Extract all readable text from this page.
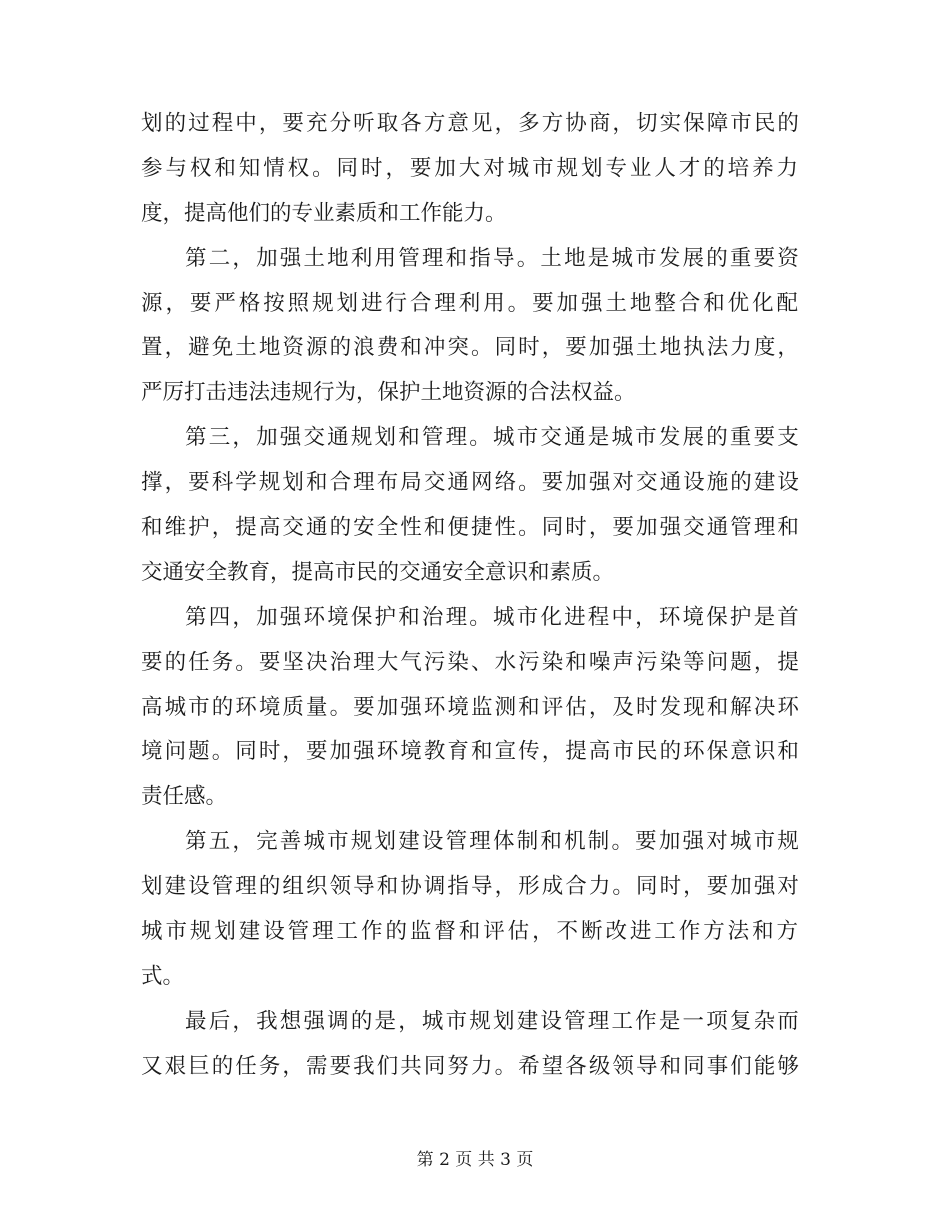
划的过程中，要充分听取各方意见，多方协商，切实保障市民的
参与权和知情权。同时，要加大对城市规划专业人才的培养力
度，提高他们的专业素质和工作能力。
第二，加强土地利用管理和指导。土地是城市发展的重要资
源，要严格按照规划进行合理利用。要加强土地整合和优化配
置，避免土地资源的浪费和冲突。同时，要加强土地执法力度，
严厉打击违法违规行为，保护土地资源的合法权益。
第三，加强交通规划和管理。城市交通是城市发展的重要支
撑，要科学规划和合理布局交通网络。要加强对交通设施的建设
和维护，提高交通的安全性和便捷性。同时，要加强交通管理和
交通安全教育，提高市民的交通安全意识和素质。
第四，加强环境保护和治理。城市化进程中，环境保护是首
要的任务。要坚决治理大气污染、水污染和噪声污染等问题，提
高城市的环境质量。要加强环境监测和评估，及时发现和解决环
境问题。同时，要加强环境教育和宣传，提高市民的环保意识和
责任感。
第五，完善城市规划建设管理体制和机制。要加强对城市规
划建设管理的组织领导和协调指导，形成合力。同时，要加强对
城市规划建设管理工作的监督和评估，不断改进工作方法和方
式。
最后，我想强调的是，城市规划建设管理工作是一项复杂而
又艰巨的任务，需要我们共同努力。希望各级领导和同事们能够
第 2 页 共 3 页
